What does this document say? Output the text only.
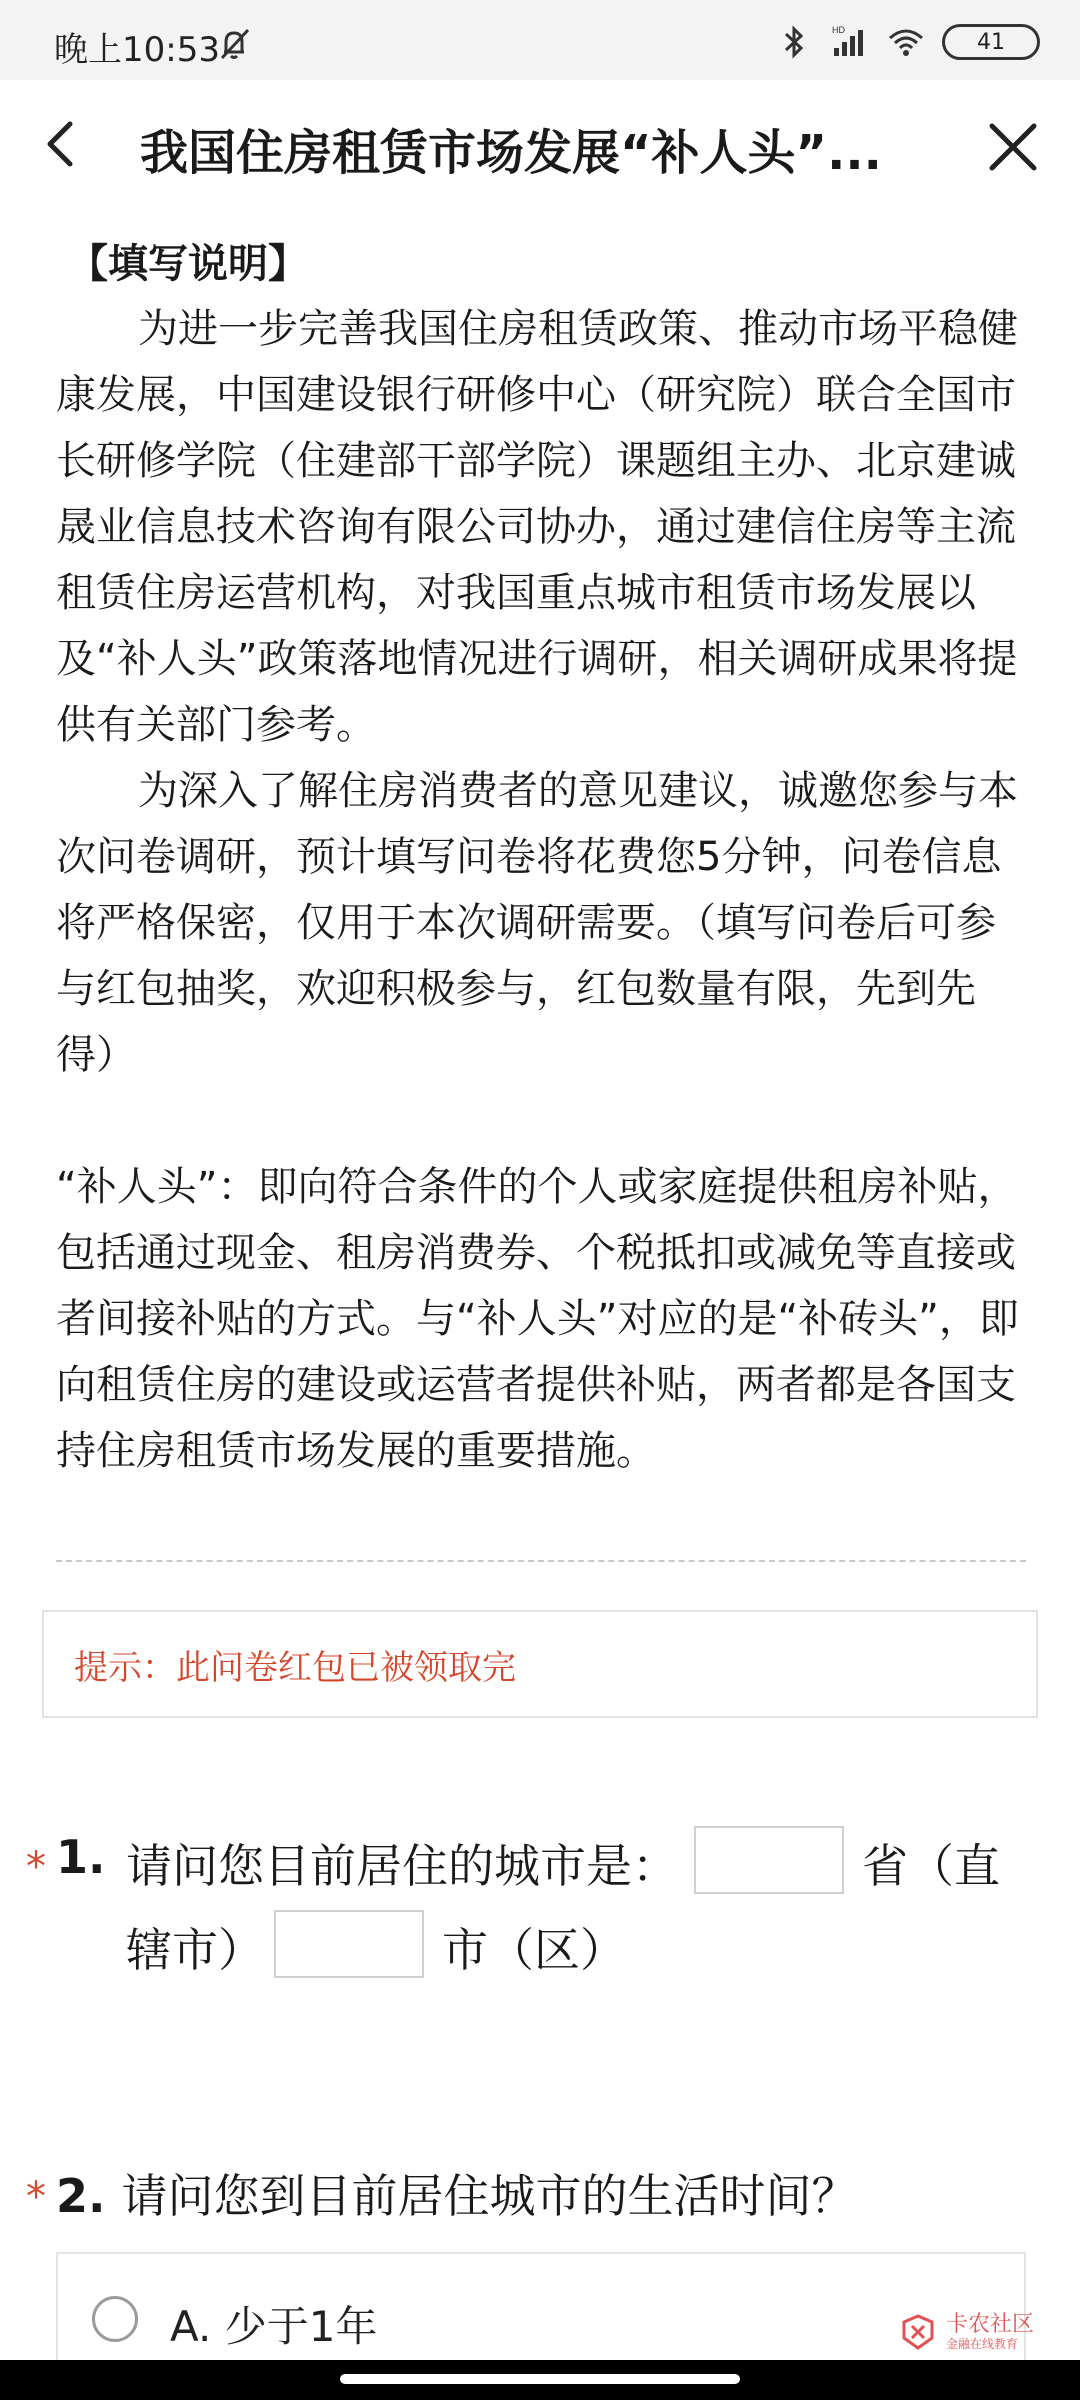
晚上10:53	HD	41
我国住房租赁市场发展“补人头”...
【填写说明】

为进一步完善我国住房租赁政策、推动市场平稳健康发展，中国建设银行研修中心（研究院）联合全国市长研修学院（住建部干部学院）课题组主办、北京建诚晟业信息技术咨询有限公司协办，通过建信住房等主流租赁住房运营机构，对我国重点城市租赁市场发展以及“补人头”政策落地情况进行调研，相关调研成果将提供有关部门参考。

为深入了解住房消费者的意见建议，诚邀您参与本次问卷调研，预计填写问卷将花费您5分钟，问卷信息将严格保密，仅用于本次调研需要。（填写问卷后可参与红包抽奖，欢迎积极参与，红包数量有限，先到先得）

“补人头”：即向符合条件的个人或家庭提供租房补贴，包括通过现金、租房消费券、个税抵扣或减免等直接或者间接补贴的方式。与“补人头”对应的是“补砖头”，即向租赁住房的建设或运营者提供补贴，两者都是各国支持住房租赁市场发展的重要措施。

提示：此问卷红包已被领取完
* 1. 请问您目前居住的城市是：	省（直
辖市）	市（区）
* 2. 请问您到目前居住城市的生活时间？
A. 少于1年	卡农社区
金融在线教育
